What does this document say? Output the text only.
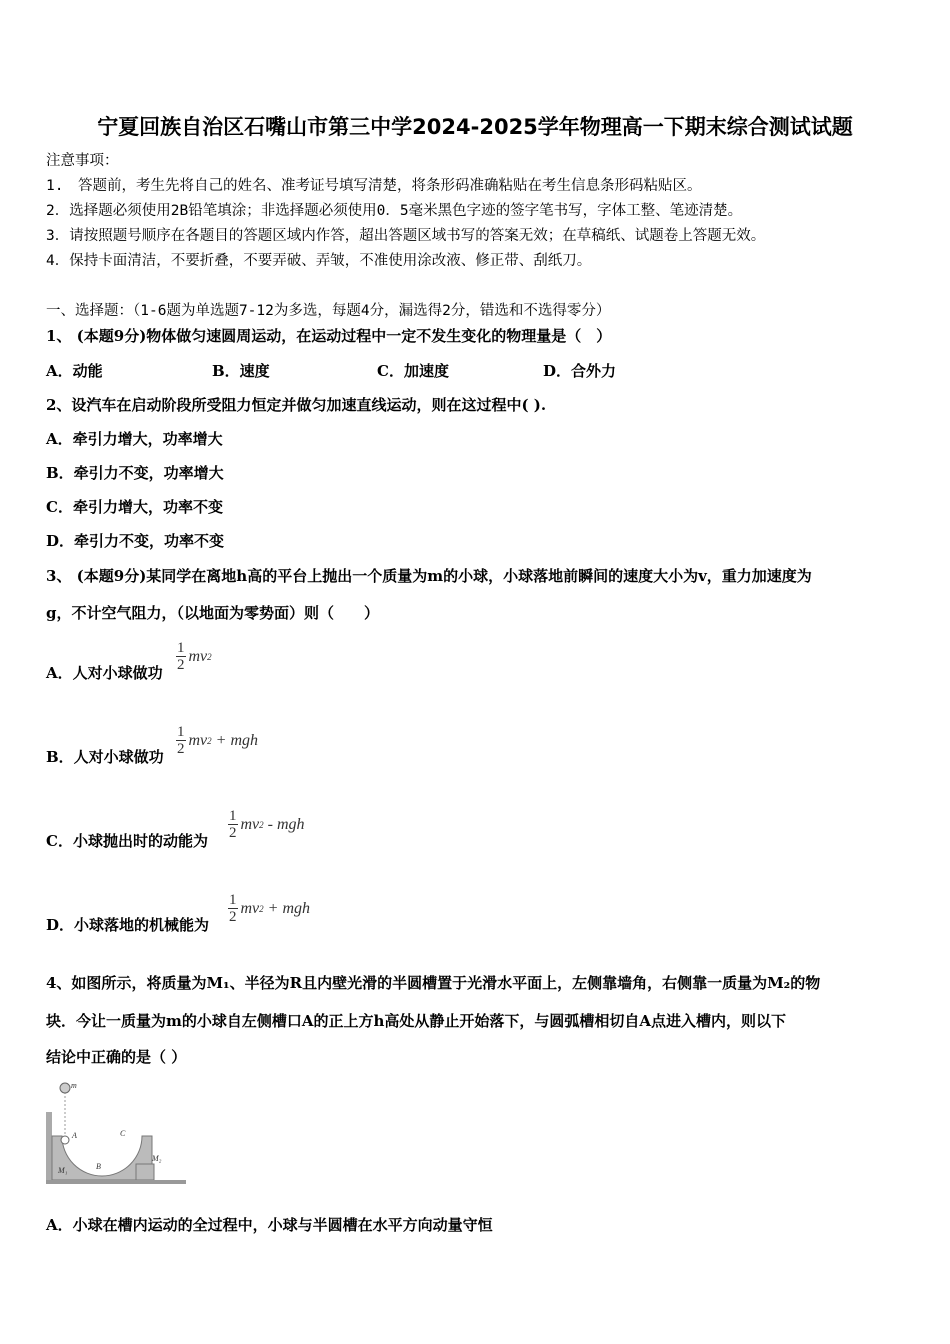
宁夏回族自治区石嘴山市第三中学2024-2025学年物理高一下期末综合测试试题
注意事项：
1.　答题前，考生先将自己的姓名、准考证号填写清楚，将条形码准确粘贴在考生信息条形码粘贴区。
2．选择题必须使用2B铅笔填涂；非选择题必须使用0．5毫米黑色字迹的签字笔书写，字体工整、笔迹清楚。
3．请按照题号顺序在各题目的答题区域内作答，超出答题区域书写的答案无效；在草稿纸、试题卷上答题无效。
4．保持卡面清洁，不要折叠，不要弄破、弄皱，不准使用涂改液、修正带、刮纸刀。
一、选择题：（1-6题为单选题7-12为多选，每题4分，漏选得2分，错选和不选得零分）
1、 (本题9分)物体做匀速圆周运动，在运动过程中一定不发生变化的物理量是（　）
A．动能	B．速度	C．加速度	D．合外力
2、设汽车在启动阶段所受阻力恒定并做匀加速直线运动，则在这过程中( ).
A．牵引力增大，功率增大
B．牵引力不变，功率增大
C．牵引力增大，功率不变
D．牵引力不变，功率不变
3、 (本题9分)某同学在离地h高的平台上抛出一个质量为m的小球，小球落地前瞬间的速度大小为v，重力加速度为
g，不计空气阻力，（以地面为零势面）则（　　）
A．人对小球做功
1
2
mv 2
B．人对小球做功
1
2
mv 2 + mgh
C．小球抛出时的动能为
1
2
mv 2 - mgh
D．小球落地的机械能为
1
2
mv 2 + mgh
4、如图所示，将质量为M₁、半径为R且内壁光滑的半圆槽置于光滑水平面上，左侧靠墙角，右侧靠一质量为M₂的物
块．今让一质量为m的小球自左侧槽口A的正上方h高处从静止开始落下，与圆弧槽相切自A点进入槽内，则以下
结论中正确的是（ ）
m
A	C
B
M₁
M₂
A．小球在槽内运动的全过程中，小球与半圆槽在水平方向动量守恒
